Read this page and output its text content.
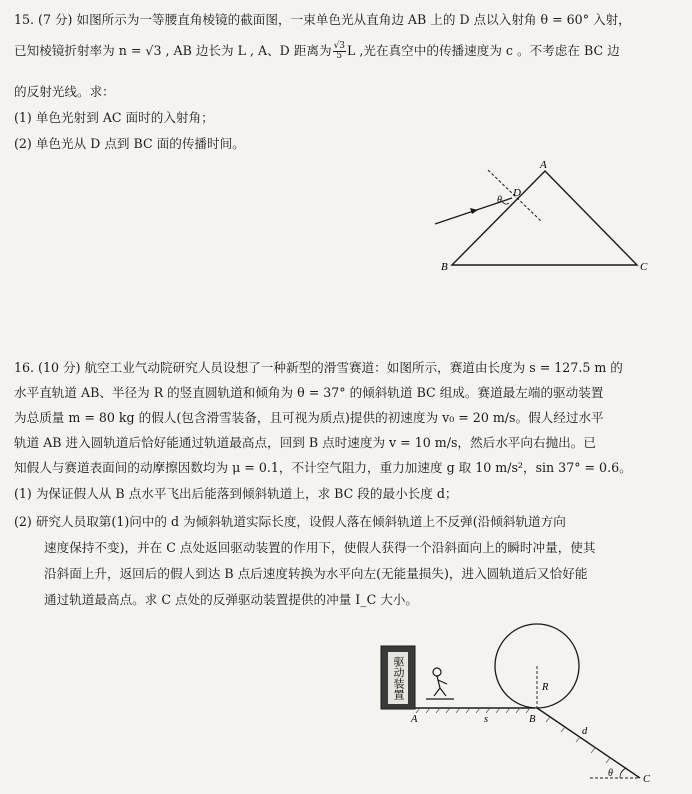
15. (7 分) 如图所示为一等腰直角棱镜的截面图，一束单色光从直角边 AB 上的 D 点以入射角 θ = 60° 入射，
已知棱镜折射率为 n = √3 , AB 边长为 L , A、D 距离为 $\frac{√3}{5}$ L ,光在真空中的传播速度为 c 。不考虑在 BC 边
的反射光线。求：
(1) 单色光射到 AC 面时的入射角；
(2) 单色光从 D 点到 BC 面的传播时间。
A
B	C
D
θ
16. (10 分) 航空工业气动院研究人员设想了一种新型的滑雪赛道：如图所示，赛道由长度为 s = 127.5 m 的
水平直轨道 AB、半径为 R 的竖直圆轨道和倾角为 θ = 37° 的倾斜轨道 BC 组成。赛道最左端的驱动装置
为总质量 m = 80 kg 的假人(包含滑雪装备，且可视为质点)提供的初速度为 v₀ = 20 m/s。假人经过水平
轨道 AB 进入圆轨道后恰好能通过轨道最高点，回到 B 点时速度为 v = 10 m/s，然后水平向右抛出。已
知假人与赛道表面间的动摩擦因数均为 μ = 0.1，不计空气阻力，重力加速度 g 取 10 m/s²，sin 37° = 0.6。
(1) 为保证假人从 B 点水平飞出后能落到倾斜轨道上，求 BC 段的最小长度 d；
(2) 研究人员取第(1)问中的 d 为倾斜轨道实际长度，设假人落在倾斜轨道上不反弹(沿倾斜轨道方向
速度保持不变)，并在 C 点处返回驱动装置的作用下，使假人获得一个沿斜面向上的瞬时冲量，使其
沿斜面上升，返回后的假人到达 B 点后速度转换为水平向左(无能量损失)，进入圆轨道后又恰好能
通过轨道最高点。求 C 点处的反弹驱动装置提供的冲量 I_C 大小。
驱动装置
A	B
C
R
s
d
θ
